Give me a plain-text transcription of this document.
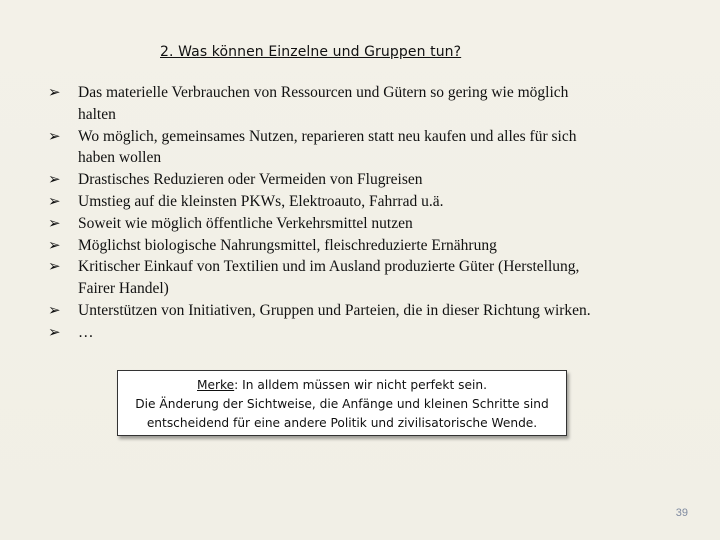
2. Was können Einzelne und Gruppen tun?
➢ Das materielle Verbrauchen von Ressourcen und Gütern so gering wie möglich
halten
➢ Wo möglich, gemeinsames Nutzen, reparieren statt neu kaufen und alles für sich
haben wollen
➢ Drastisches Reduzieren oder Vermeiden von Flugreisen
➢ Umstieg auf die kleinsten PKWs, Elektroauto, Fahrrad u.ä.
➢ Soweit wie möglich öffentliche Verkehrsmittel nutzen
➢ Möglichst biologische Nahrungsmittel, fleischreduzierte Ernährung
➢ Kritischer Einkauf von Textilien und im Ausland produzierte Güter (Herstellung,
Fairer Handel)
➢ Unterstützen von Initiativen, Gruppen und Parteien, die in dieser Richtung wirken.
➢ …
Merke: In alldem müssen wir nicht perfekt sein.
Die Änderung der Sichtweise, die Anfänge und kleinen Schritte sind
entscheidend für eine andere Politik und zivilisatorische Wende.
39
